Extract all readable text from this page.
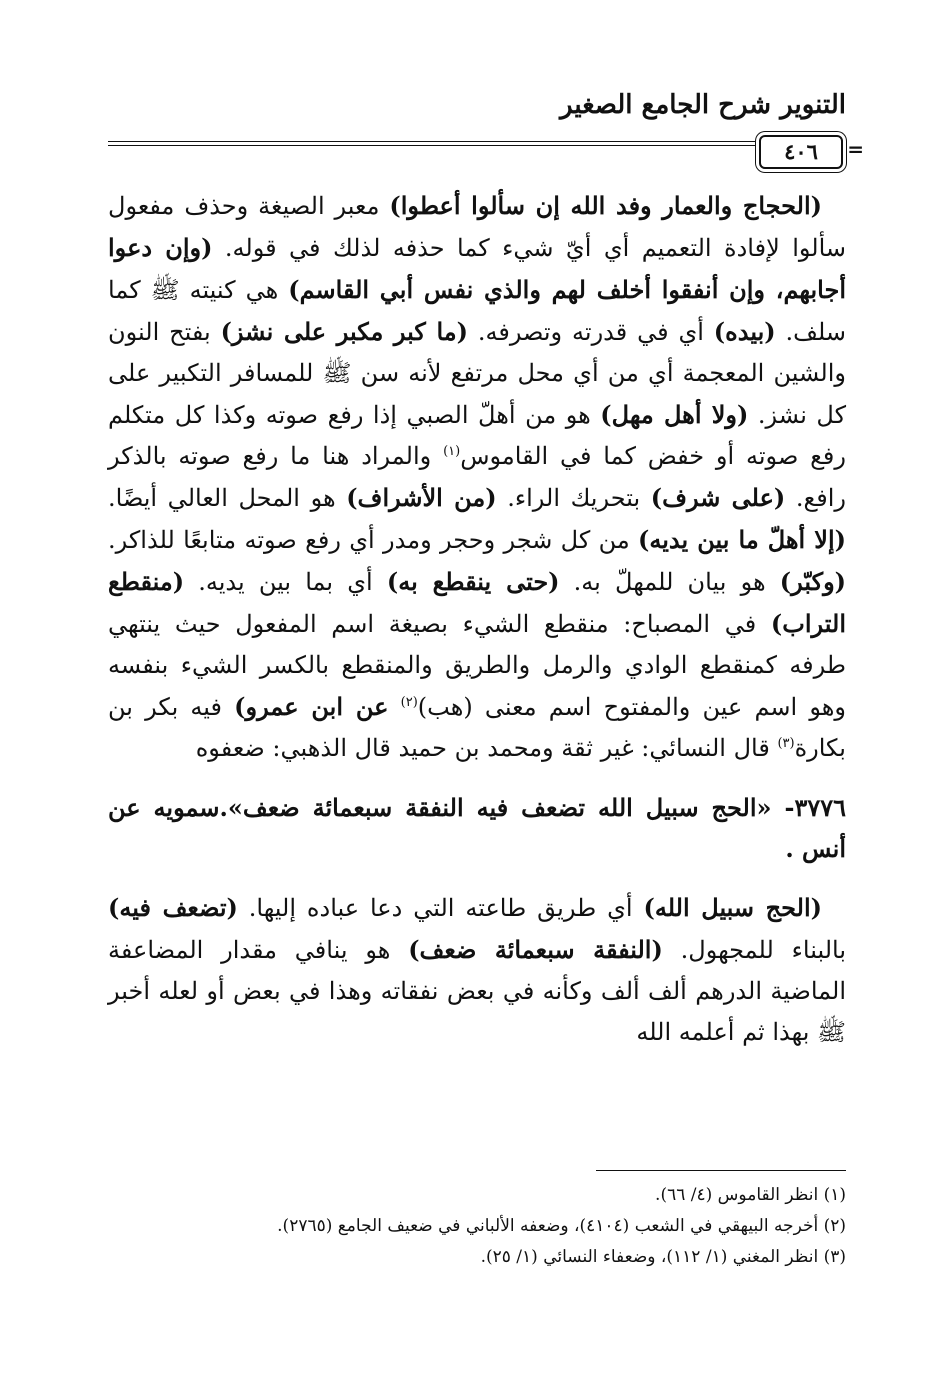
التنوير شرح الجامع الصغير
=
٤٠٦

(الحجاج والعمار وفد الله إن سألوا أعطوا) معبر الصيغة وحذف مفعول سألوا لإفادة التعميم أي أيّ شيء كما حذفه لذلك في قوله. (وإن دعوا أجابهم، وإن أنفقوا أخلف لهم والذي نفس أبي القاسم) هي كنيته ﷺ كما سلف. (بيده) أي في قدرته وتصرفه. (ما كبر مكبر على نشز) بفتح النون والشين المعجمة أي من أي محل مرتفع لأنه سن ﷺ للمسافر التكبير على كل نشز. (ولا أهل مهل) هو من أهلّ الصبي إذا رفع صوته وكذا كل متكلم رفع صوته أو خفض كما في القاموس$^{(١)}$ والمراد هنا ما رفع صوته بالذكر رافع. (على شرف) بتحريك الراء. (من الأشراف) هو المحل العالي أيضًا. (إلا أهلّ ما بين يديه) من كل شجر وحجر ومدر أي رفع صوته متابعًا للذاكر. (وكبّر) هو بيان للمهلّ به. (حتى ينقطع به) أي بما بين يديه. (منقطع التراب) في المصباح: منقطع الشيء بصيغة اسم المفعول حيث ينتهي طرفه كمنقطع الوادي والرمل والطريق والمنقطع بالكسر الشيء بنفسه وهو اسم عين والمفتوح اسم معنى (هب)$^{(٢)}$ عن ابن عمرو) فيه بكر بن بكارة$^{(٣)}$ قال النسائي: غير ثقة ومحمد بن حميد قال الذهبي: ضعفوه

٣٧٧٦- «الحج سبيل الله تضعف فيه النفقة سبعمائة ضعف».سمويه عن أنس .

(الحج سبيل الله) أي طريق طاعته التي دعا عباده إليها. (تضعف فيه) بالبناء للمجهول. (النفقة سبعمائة ضعف) هو ينافي مقدار المضاعفة الماضية الدرهم ألف ألف وكأنه في بعض نفقاته وهذا في بعض أو لعله أخبر ﷺ بهذا ثم أعلمه الله

(١) انظر القاموس (٤/ ٦٦).
(٢) أخرجه البيهقي في الشعب (٤١٠٤)، وضعفه الألباني في ضعيف الجامع (٢٧٦٥).
(٣) انظر المغني (١/ ١١٢)، وضعفاء النسائي (١/ ٢٥).
